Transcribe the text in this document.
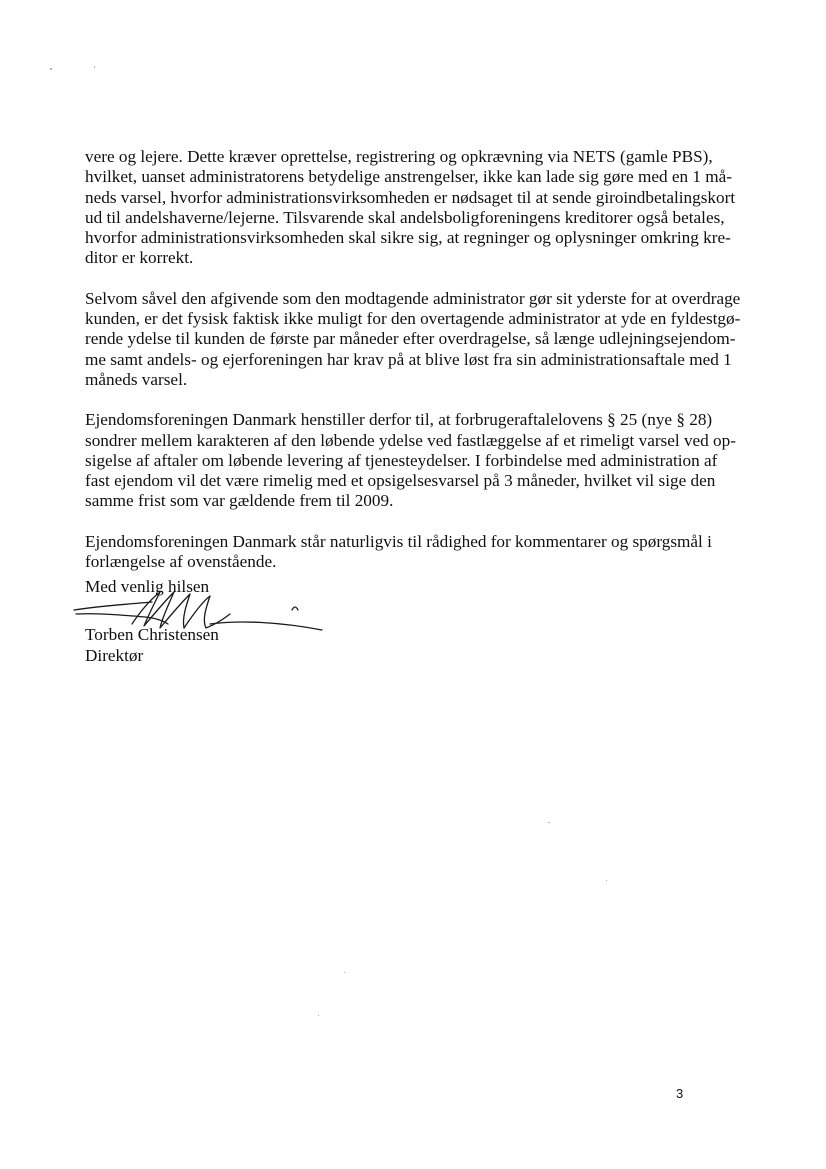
vere og lejere. Dette kræver oprettelse, registrering og opkrævning via NETS (gamle PBS),
hvilket, uanset administratorens betydelige anstrengelser, ikke kan lade sig gøre med en 1 må-
neds varsel, hvorfor administrationsvirksomheden er nødsaget til at sende giroindbetalingskort
ud til andelshaverne/lejerne. Tilsvarende skal andelsboligforeningens kreditorer også betales,
hvorfor administrationsvirksomheden skal sikre sig, at regninger og oplysninger omkring kre-
ditor er korrekt.
Selvom såvel den afgivende som den modtagende administrator gør sit yderste for at overdrage
kunden, er det fysisk faktisk ikke muligt for den overtagende administrator at yde en fyldestgø-
rende ydelse til kunden de første par måneder efter overdragelse, så længe udlejningsejendom-
me samt andels- og ejerforeningen har krav på at blive løst fra sin administrationsaftale med 1
måneds varsel.
Ejendomsforeningen Danmark henstiller derfor til, at forbrugeraftalelovens § 25 (nye § 28)
sondrer mellem karakteren af den løbende ydelse ved fastlæggelse af et rimeligt varsel ved op-
sigelse af aftaler om løbende levering af tjenesteydelser. I forbindelse med administration af
fast ejendom vil det være rimelig med et opsigelsesvarsel på 3 måneder, hvilket vil sige den
samme frist som var gældende frem til 2009.
Ejendomsforeningen Danmark står naturligvis til rådighed for kommentarer og spørgsmål i
forlængelse af ovenstående.
Med venlig hilsen
Torben Christensen
Direktør
3
